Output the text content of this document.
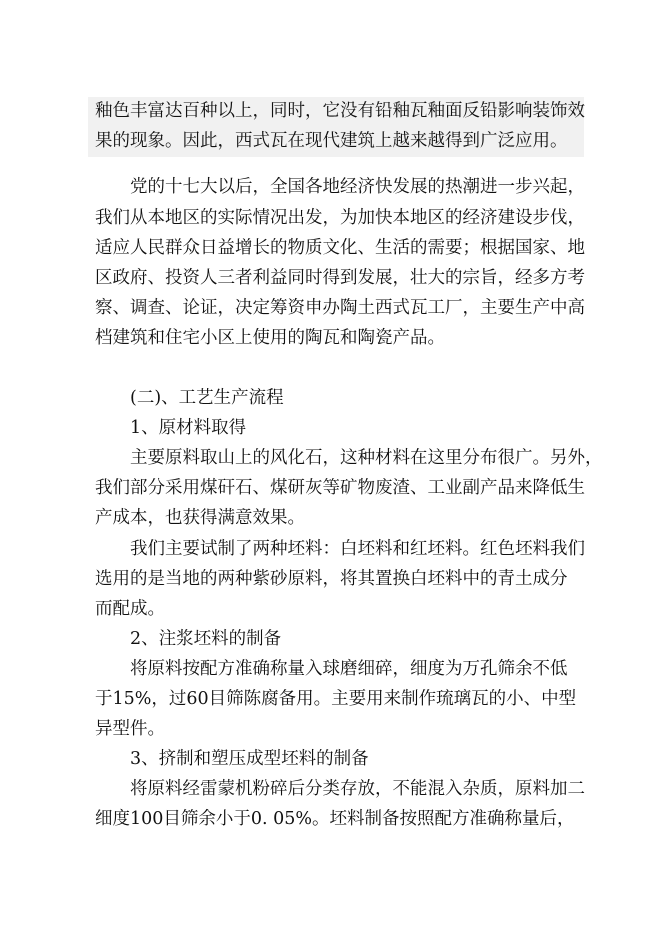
釉色丰富达百种以上，同时，它没有铅釉瓦釉面反铅影响装饰效
果的现象。因此，西式瓦在现代建筑上越来越得到广泛应用。
党的十七大以后，全国各地经济快发展的热潮进一步兴起，
我们从本地区的实际情况出发，为加快本地区的经济建设步伐，
适应人民群众日益增长的物质文化、生活的需要；根据国家、地
区政府、投资人三者利益同时得到发展，壮大的宗旨，经多方考
察、调查、论证，决定筹资申办陶土西式瓦工厂，主要生产中高
档建筑和住宅小区上使用的陶瓦和陶瓷产品。
(二)、工艺生产流程
1、原材料取得
主要原料取山上的风化石，这种材料在这里分布很广。另外，
我们部分采用煤矸石、煤研灰等矿物废渣、工业副产品来降低生
产成本，也获得满意效果。
我们主要试制了两种坯料：白坯料和红坯料。红色坯料我们
选用的是当地的两种紫砂原料，将其置换白坯料中的青土成分
而配成。
2、注浆坯料的制备
将原料按配方准确称量入球磨细碎，细度为万孔筛余不低
于15%，过60目筛陈腐备用。主要用来制作琉璃瓦的小、中型
异型件。
3、挤制和塑压成型坯料的制备
将原料经雷蒙机粉碎后分类存放，不能混入杂质，原料加二
细度100目筛余小于0. 05%。坯料制备按照配方准确称量后，
